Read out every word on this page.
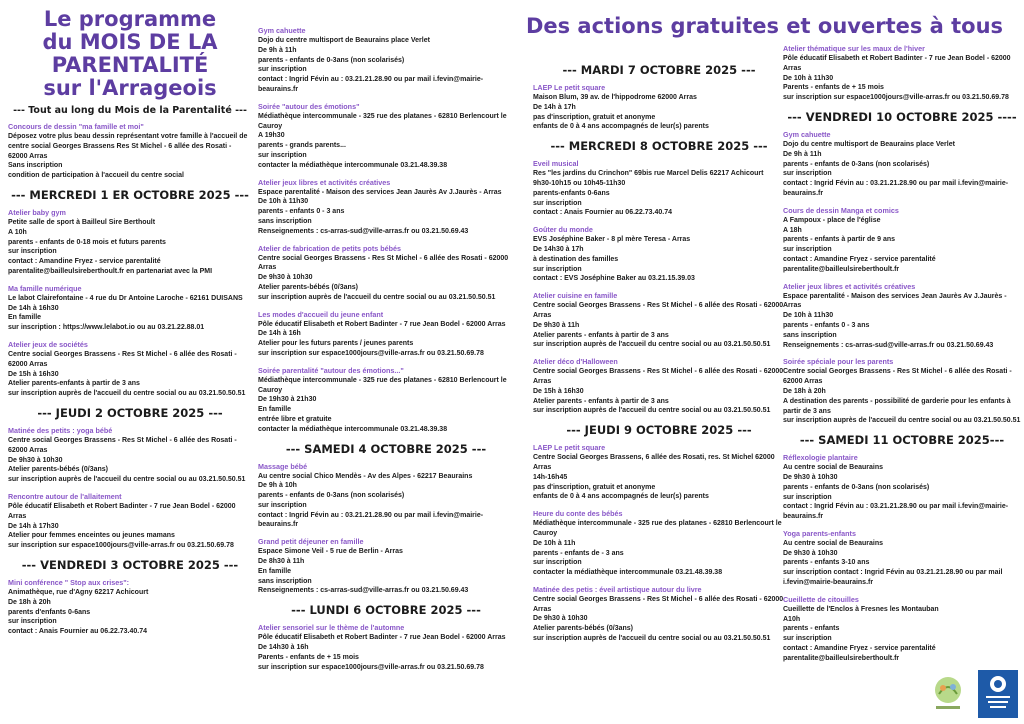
Le programme
du MOIS DE LA
PARENTALITÉ
sur l'Arrageois
--- Tout au long du Mois de la Parentalité ---
Concours de dessin "ma famille et moi"
Déposez votre plus beau dessin représentant votre famille à l'accueil de centre social Georges Brassens Res St Michel - 6 allée des Rosati - 62000 Arras
Sans inscription
condition de participation à l'accueil du centre social
--- MERCREDI 1 ER OCTOBRE 2025 ---
Atelier baby gym
Petite salle de sport à Bailleul Sire Berthoult
A 10h
parents - enfants de 0-18 mois et futurs parents
sur inscription
contact : Amandine Fryez - service parentalité
parentalite@bailleulsireberthoult.fr en partenariat avec la PMI
Ma famille numérique
Le labot Clairefontaine - 4 rue du Dr Antoine Laroche - 62161 DUISANS
De 14h à 16h30
En famille
sur inscription : https://www.lelabot.io ou au 03.21.22.88.01
Atelier jeux de sociétés
Centre social Georges Brassens - Res St Michel - 6 allée des Rosati - 62000 Arras
De 15h à 16h30
Atelier parents-enfants à partir de 3 ans
sur inscription auprès de l'accueil du centre social ou au 03.21.50.50.51
--- JEUDI 2 OCTOBRE 2025 ---
Matinée des petits : yoga bébé
Centre social Georges Brassens - Res St Michel - 6 allée des Rosati - 62000 Arras
De 9h30 à 10h30
Atelier parents-bébés (0/3ans)
sur inscription auprès de l'accueil du centre social ou au 03.21.50.50.51
Rencontre autour de l'allaitement
Pôle éducatif Elisabeth et Robert Badinter - 7 rue Jean Bodel - 62000 Arras
De 14h à 17h30
Atelier pour femmes enceintes ou jeunes mamans
sur inscription sur espace1000jours@ville-arras.fr ou 03.21.50.69.78
--- VENDREDI 3 OCTOBRE 2025 ---
Mini conférence " Stop aux crises":
Animathèque, rue d'Agny 62217 Achicourt
De 18h à 20h
parents d'enfants 0-6ans
sur inscription
contact : Anais Fournier au 06.22.73.40.74
Gym cahuette
Dojo du centre multisport de Beaurains place Verlet
De 9h à 11h
parents - enfants de 0-3ans (non scolarisés)
sur inscription
contact : Ingrid Févin au : 03.21.21.28.90 ou par mail i.fevin@mairie-beaurains.fr
Soirée "autour des émotions"
Médiathèque intercommunale - 325 rue des platanes - 62810 Berlencourt le Cauroy
A 19h30
parents - grands parents...
sur inscription
contacter la médiathèque intercommunale 03.21.48.39.38
Atelier jeux libres et activités créatives
Espace parentalité - Maison des services Jean Jaurès Av J.Jaurès - Arras
De 10h à 11h30
parents - enfants 0 - 3 ans
sans inscription
Renseignements : cs-arras-sud@ville-arras.fr ou 03.21.50.69.43
Atelier de fabrication de petits pots bébés
Centre social Georges Brassens - Res St Michel - 6 allée des Rosati - 62000 Arras
De 9h30 à 10h30
Atelier parents-bébés (0/3ans)
sur inscription auprès de l'accueil du centre social ou au 03.21.50.50.51
Les modes d'accueil du jeune enfant
Pôle éducatif Elisabeth et Robert Badinter - 7 rue Jean Bodel - 62000 Arras
De 14h à 16h
Atelier pour les futurs parents / jeunes parents
sur inscription sur espace1000jours@ville-arras.fr ou 03.21.50.69.78
Soirée parentalité "autour des émotions..."
Médiathèque intercommunale - 325 rue des platanes - 62810 Berlencourt le Cauroy
De 19h30 à 21h30
En famille
entrée libre et gratuite
contacter la médiathèque intercommunale 03.21.48.39.38
--- SAMEDI 4 OCTOBRE 2025 ---
Massage bébé
Au centre social Chico Mendès - Av des Alpes - 62217 Beaurains
De 9h à 10h
parents - enfants de 0-3ans (non scolarisés)
sur inscription
contact : Ingrid Févin au : 03.21.21.28.90 ou par mail i.fevin@mairie-beaurains.fr
Grand petit déjeuner en famille
Espace Simone Veil - 5 rue de Berlin - Arras
De 8h30 à 11h
En famille
sans inscription
Renseignements : cs-arras-sud@ville-arras.fr ou 03.21.50.69.43
--- LUNDI 6 OCTOBRE 2025 ---
Atelier sensoriel sur le thème de l'automne
Pôle éducatif Elisabeth et Robert Badinter - 7 rue Jean Bodel - 62000 Arras
De 14h30 à 16h
Parents - enfants de + 15 mois
sur inscription sur espace1000jours@ville-arras.fr ou 03.21.50.69.78
Des actions gratuites et ouvertes à tous
--- MARDI 7 OCTOBRE 2025 ---
LAEP Le petit square
Maison Blum, 39 av. de l'hippodrome 62000 Arras
De 14h à 17h
pas d'inscription, gratuit et anonyme
enfants de 0 à 4 ans accompagnés de leur(s) parents
--- MERCREDI 8 OCTOBRE 2025 ---
Eveil musical
Res "les jardins du Crinchon" 69bis rue Marcel Delis 62217 Achicourt
9h30-10h15 ou 10h45-11h30
parents-enfants 0-6ans
sur inscription
contact : Anais Fournier au 06.22.73.40.74
Goûter du monde
EVS Joséphine Baker - 8 pl mère Teresa - Arras
De 14h30 à 17h
à destination des familles
sur inscription
contact : EVS Joséphine Baker au 03.21.15.39.03
Atelier cuisine en famille
Centre social Georges Brassens - Res St Michel - 6 allée des Rosati - 62000 Arras
De 9h30 à 11h
Atelier parents - enfants à partir de 3 ans
sur inscription auprès de l'accueil du centre social ou au 03.21.50.50.51
Atelier déco d'Halloween
Centre social Georges Brassens - Res St Michel - 6 allée des Rosati - 62000 Arras
De 15h à 16h30
Atelier parents - enfants à partir de 3 ans
sur inscription auprès de l'accueil du centre social ou au 03.21.50.50.51
--- JEUDI 9 OCTOBRE 2025 ---
LAEP Le petit square
Centre Social Georges Brassens, 6 allée des Rosati, res. St Michel 62000 Arras
14h-16h45
pas d'inscription, gratuit et anonyme
enfants de 0 à 4 ans accompagnés de leur(s) parents
Heure du conte des bébés
Médiathèque intercommunale - 325 rue des platanes - 62810 Berlencourt le Cauroy
De 10h à 11h
parents - enfants de - 3 ans
sur inscription
contacter la médiathèque intercommunale 03.21.48.39.38
Matinée des petis : éveil artistique autour du livre
Centre social Georges Brassens - Res St Michel - 6 allée des Rosati - 62000 Arras
De 9h30 à 10h30
Atelier parents-bébés (0/3ans)
sur inscription auprès de l'accueil du centre social ou au 03.21.50.50.51
Atelier thématique sur les maux de l'hiver
Pôle éducatif Elisabeth et Robert Badinter - 7 rue Jean Bodel - 62000 Arras
De 10h à 11h30
Parents - enfants de + 15 mois
sur inscription sur espace1000jours@ville-arras.fr ou 03.21.50.69.78
--- VENDREDI 10 OCTOBRE 2025 ----
Gym cahuette
Dojo du centre multisport de Beaurains place Verlet
De 9h à 11h
parents - enfants de 0-3ans (non scolarisés)
sur inscription
contact : Ingrid Févin au : 03.21.21.28.90 ou par mail i.fevin@mairie-beaurains.fr
Cours de dessin Manga et comics
A Fampoux - place de l'église
A 18h
parents - enfants à partir de 9 ans
sur inscription
contact : Amandine Fryez - service parentalité
parentalite@bailleulsireberthoult.fr
Atelier jeux libres et activités créatives
Espace parentalité - Maison des services Jean Jaurès Av J.Jaurès - Arras
De 10h à 11h30
parents - enfants 0 - 3 ans
sans inscription
Renseignements : cs-arras-sud@ville-arras.fr ou 03.21.50.69.43
Soirée spéciale pour les parents
Centre social Georges Brassens - Res St Michel - 6 allée des Rosati - 62000 Arras
De 18h à 20h
A destination des parents - possibilité de garderie pour les enfants à partir de 3 ans
sur inscription auprès de l'accueil du centre social ou au 03.21.50.50.51
--- SAMEDI 11 OCTOBRE 2025---
Réflexologie plantaire
Au centre social de Beaurains
De 9h30 à 10h30
parents - enfants de 0-3ans (non scolarisés)
sur inscription
contact : Ingrid Févin au : 03.21.21.28.90 ou par mail i.fevin@mairie-beaurains.fr
Yoga parents-enfants
Au centre social de Beaurains
De 9h30 à 10h30
parents - enfants 3-10 ans
sur inscription contact : Ingrid Févin au 03.21.21.28.90 ou par mail i.fevin@mairie-beaurains.fr
Cueillette de citouilles
Cueillette de l'Enclos à Fresnes les Montauban
A10h
parents - enfants
sur inscription
contact : Amandine Fryez - service parentalité
parentalite@bailleulsireberthoult.fr
